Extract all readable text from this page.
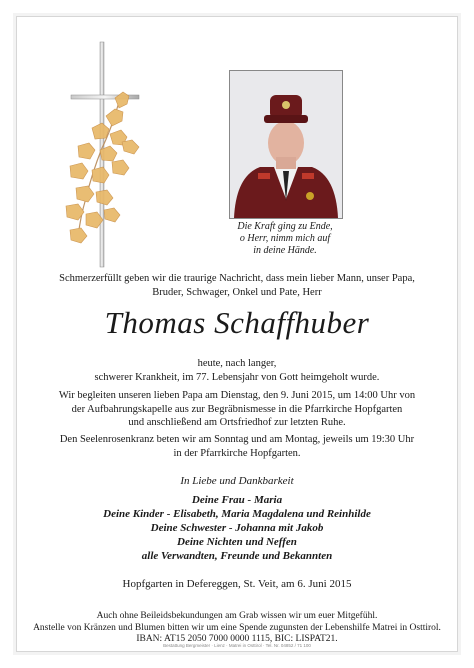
Die Kraft ging zu Ende,
o Herr, nimm mich auf
in deine Hände.
Schmerzerfüllt geben wir die traurige Nachricht, dass mein lieber Mann, unser Papa,
Bruder, Schwager, Onkel und Pate, Herr
Thomas Schaffhuber
heute, nach langer,
schwerer Krankheit, im 77. Lebensjahr von Gott heimgeholt wurde.
Wir begleiten unseren lieben Papa am Dienstag, den 9. Juni 2015, um 14:00 Uhr von
der Aufbahrungskapelle aus zur Begräbnismesse in die Pfarrkirche Hopfgarten
und anschließend am Ortsfriedhof zur letzten Ruhe.
Den Seelenrosenkranz beten wir am Sonntag und am Montag, jeweils um 19:30 Uhr
in der Pfarrkirche Hopfgarten.
In Liebe und Dankbarkeit
Deine Frau - Maria
Deine Kinder - Elisabeth, Maria Magdalena und Reinhilde
Deine Schwester - Johanna mit Jakob
Deine Nichten und Neffen
alle Verwandten, Freunde und Bekannten
Hopfgarten in Defereggen, St. Veit, am 6. Juni 2015
Auch ohne Beileidsbekundungen am Grab wissen wir um euer Mitgefühl.
Anstelle von Kränzen und Blumen bitten wir um eine Spende zugunsten der Lebenshilfe Matrei in Osttirol.
IBAN: AT15 2050 7000 0000 1115, BIC: LISPAT21.
Bestattung Bergmeister · Lienz · Matrei in Osttirol · Tel. Nr. 04852 / 71 100
